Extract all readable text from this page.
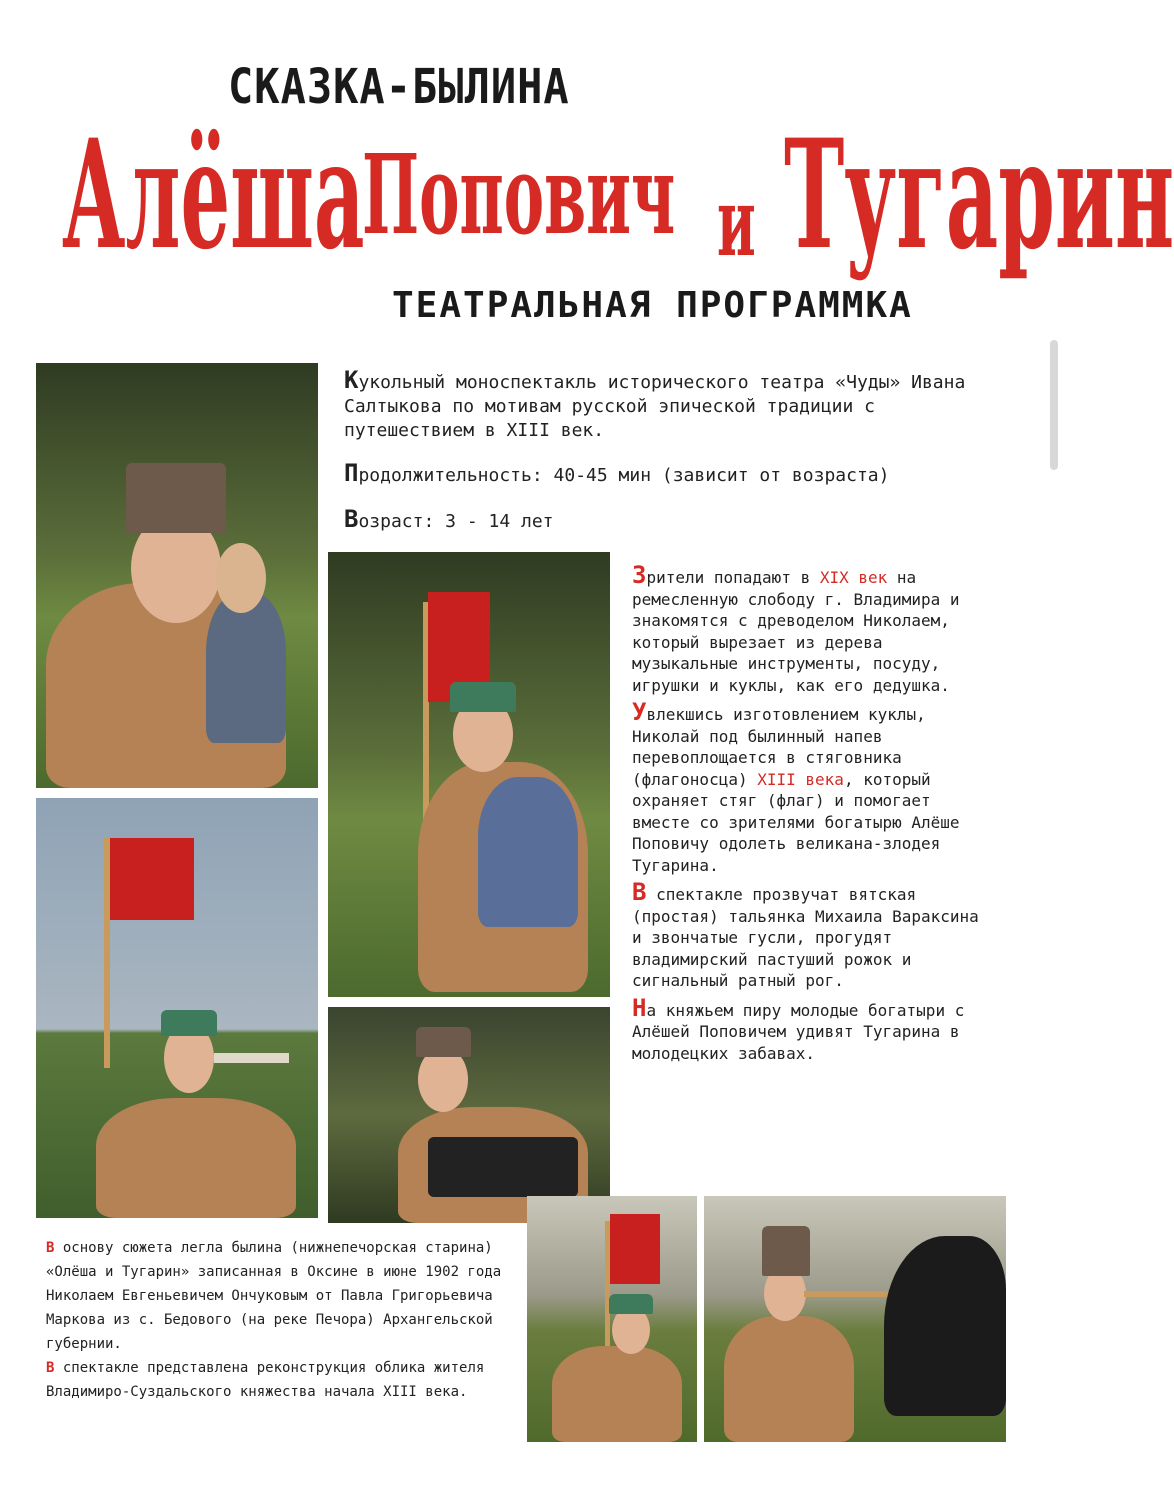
СКАЗКА-БЫЛИНА
Алёша
Попович и Тугарин
ТЕАТРАЛЬНАЯ ПРОГРАММКА
Кукольный моноспектакль исторического театра «Чуды» Ивана Салтыкова по мотивам русской эпической традиции с путешествием в XIII век.
Продолжительность: 40-45 мин (зависит от возраста)
Возраст: 3 - 14 лет

Зрители попадают в XIX век на ремесленную слободу г. Владимира и знакомятся с древоделом Николаем, который вырезает из дерева музыкальные инструменты, посуду, игрушки и куклы, как его дедушка.

Увлекшись изготовлением куклы, Николай под былинный напев перевоплощается в стяговника (флагоносца) XIII века, который охраняет стяг (флаг) и помогает вместе со зрителями богатырю Алёше Поповичу одолеть великана-злодея Тугарина.

В спектакле прозвучат вятская (простая) тальянка Михаила Вараксина и звончатые гусли, прогудят владимирский пастуший рожок и сигнальный ратный рог.

На княжьем пиру молодые богатыри с Алёшей Поповичем удивят Тугарина в молодецких забавах.

В основу сюжета легла былина (нижнепечорская старина) «Олёша и Тугарин» записанная в Оксине в июне 1902 года Николаем Евгеньевичем Ончуковым от Павла Григорьевича Маркова из с. Бедового (на реке Печора) Архангельской губернии.

В спектакле представлена реконструкция облика жителя Владимиро-Суздальского княжества начала XIII века.
